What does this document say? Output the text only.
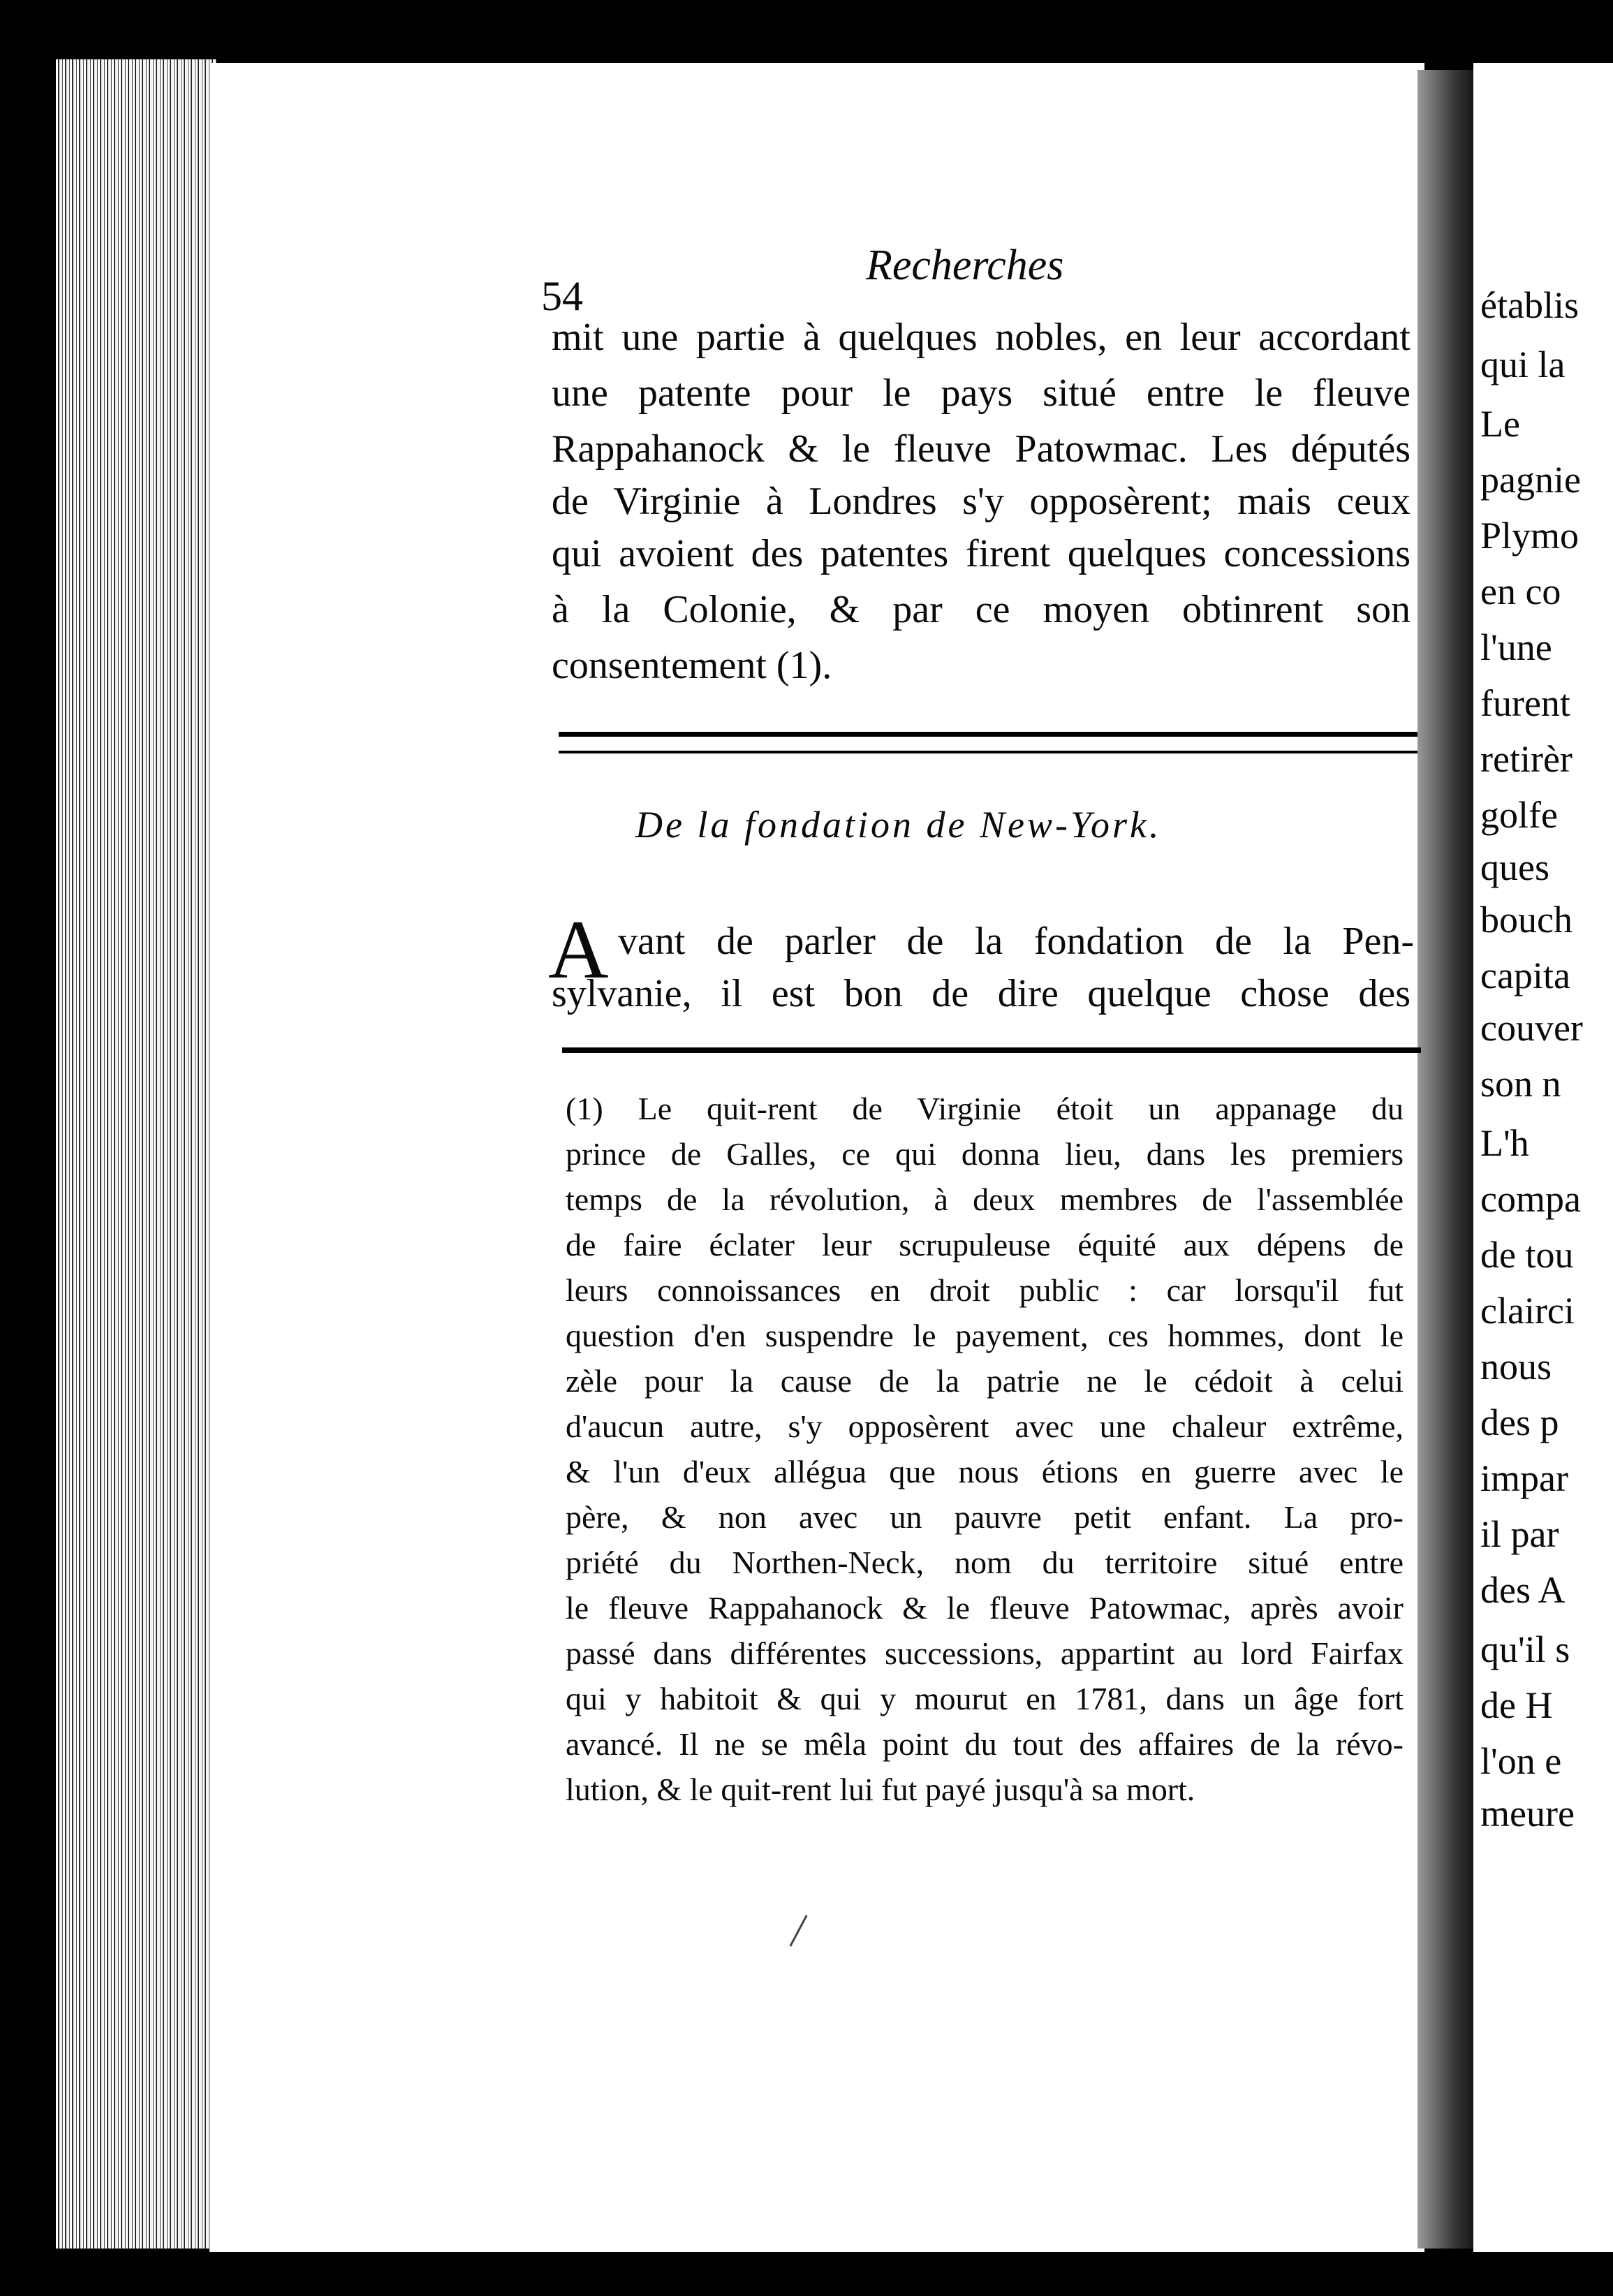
54
Recherches
mit une partie à quelques nobles, en leur accordant
une patente pour le pays situé entre le fleuve
Rappahanock & le fleuve Patowmac. Les députés
de Virginie à Londres s'y opposèrent; mais ceux
qui avoient des patentes firent quelques concessions
à la Colonie, & par ce moyen obtinrent son
consentement (1).
De la fondation de New-York.
A vant de parler de la fondation de la Pen-
sylvanie, il est bon de dire quelque chose des
(1) Le quit-rent de Virginie étoit un appanage du
prince de Galles, ce qui donna lieu, dans les premiers
temps de la révolution, à deux membres de l'assemblée
de faire éclater leur scrupuleuse équité aux dépens de
leurs connoissances en droit public : car lorsqu'il fut
question d'en suspendre le payement, ces hommes, dont le
zèle pour la cause de la patrie ne le cédoit à celui
d'aucun autre, s'y opposèrent avec une chaleur extrême,
& l'un d'eux allégua que nous étions en guerre avec le
père, & non avec un pauvre petit enfant. La pro-
priété du Northen-Neck, nom du territoire situé entre
le fleuve Rappahanock & le fleuve Patowmac, après avoir
passé dans différentes successions, appartint au lord Fairfax
qui y habitoit & qui y mourut en 1781, dans un âge fort
avancé. Il ne se mêla point du tout des affaires de la révo-
lution, & le quit-rent lui fut payé jusqu'à sa mort.
établis
qui la
Le
pagnie
Plymo
en co
l'une
furent
retirèr
golfe
ques
bouch
capita
couver
son n
L'h
compa
de tou
clairci
nous
des p
impar
il par
des A
qu'il s
de H
l'on e
meure
